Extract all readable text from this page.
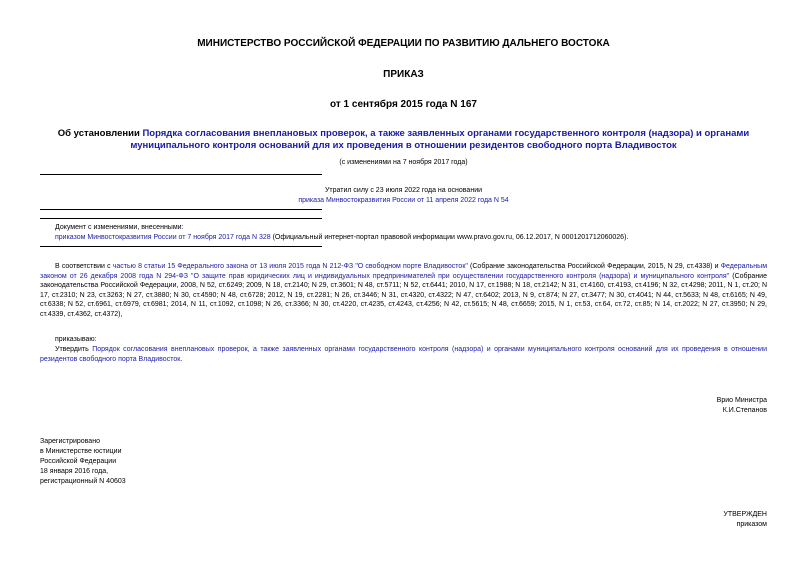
МИНИСТЕРСТВО РОССИЙСКОЙ ФЕДЕРАЦИИ ПО РАЗВИТИЮ ДАЛЬНЕГО ВОСТОКА
ПРИКАЗ
от 1 сентября 2015 года N 167
Об установлении Порядка согласования внеплановых проверок, а также заявленных органами государственного контроля (надзора) и органами муниципального контроля оснований для их проведения в отношении резидентов свободного порта Владивосток
(с изменениями на 7 ноября 2017 года)
Утратил силу с 23 июля 2022 года на основании
приказа Минвостокразвития России от 11 апреля 2022 года N 54
Документ с изменениями, внесенными:
приказом Минвостокразвития России от 7 ноября 2017 года N 328 (Официальный интернет-портал правовой информации www.pravo.gov.ru, 06.12.2017, N 0001201712060026).
В соответствии с частью 8 статьи 15 Федерального закона от 13 июля 2015 года N 212-ФЗ "О свободном порте Владивосток" (Собрание законодательства Российской Федерации, 2015, N 29, ст.4338) и Федеральным законом от 26 декабря 2008 года N 294-ФЗ "О защите прав юридических лиц и индивидуальных предпринимателей при осуществлении государственного контроля (надзора) и муниципального контроля" (Собрание законодательства Российской Федерации, 2008, N 52, ст.6249; 2009, N 18, ст.2140; N 29, ст.3601; N 48, ст.5711; N 52, ст.6441; 2010, N 17, ст.1988; N 18, ст.2142; N 31, ст.4160, ст.4193, ст.4196; N 32, ст.4298; 2011, N 1, ст.20; N 17, ст.2310; N 23, ст.3263; N 27, ст.3880; N 30, ст.4590; N 48, ст.6728; 2012, N 19, ст.2281; N 26, ст.3446; N 31, ст.4320, ст.4322; N 47, ст.6402; 2013, N 9, ст.874; N 27, ст.3477; N 30, ст.4041; N 44, ст.5633; N 48, ст.6165; N 49, ст.6338; N 52, ст.6961, ст.6979, ст.6981; 2014, N 11, ст.1092, ст.1098; N 26, ст.3366; N 30, ст.4220, ст.4235, ст.4243, ст.4256; N 42, ст.5615; N 48, ст.6659; 2015, N 1, ст.53, ст.64, ст.72, ст.85; N 14, ст.2022; N 27, ст.3950; N 29, ст.4339, ст.4362, ст.4372),
приказываю:
Утвердить Порядок согласования внеплановых проверок, а также заявленных органами государственного контроля (надзора) и органами муниципального контроля оснований для их проведения в отношении резидентов свободного порта Владивосток.
Врио Министра
К.И.Степанов
Зарегистрировано
в Министерстве юстиции
Российской Федерации
18 января 2016 года,
регистрационный N 40603
УТВЕРЖДЕН
приказом
